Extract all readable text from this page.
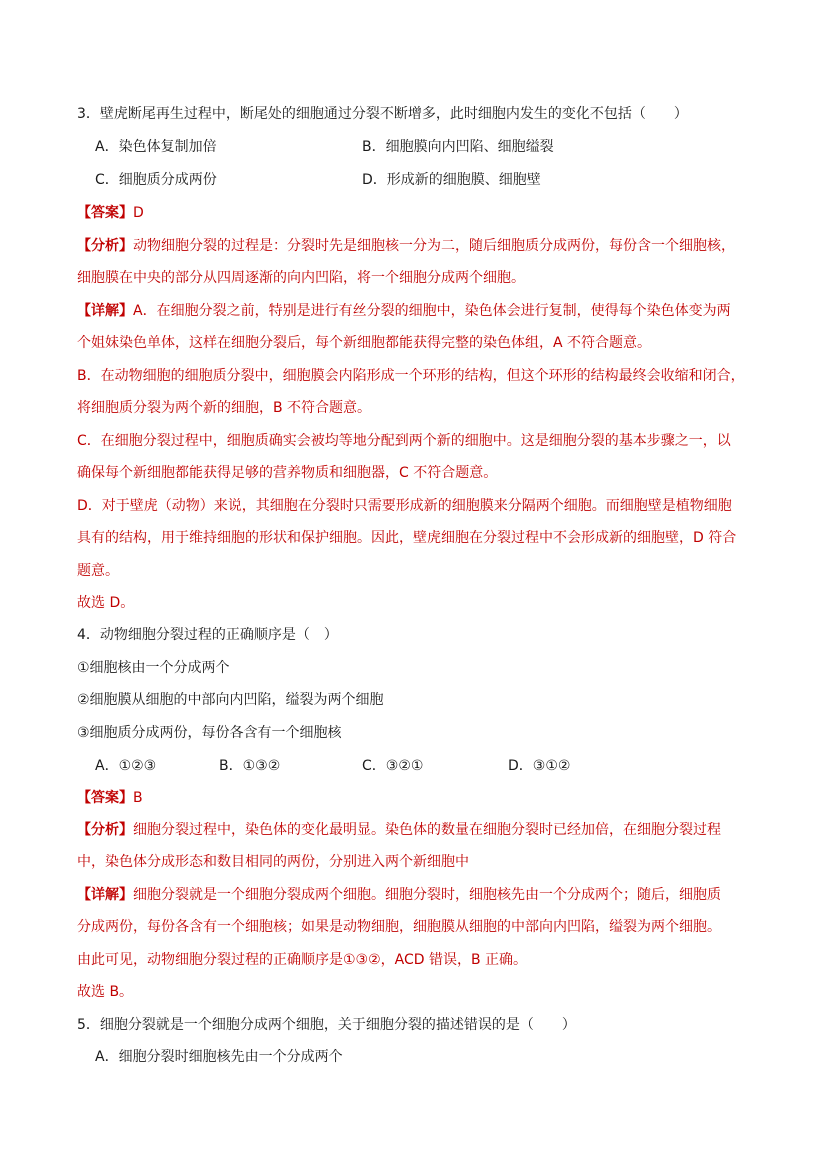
3．壁虎断尾再生过程中，断尾处的细胞通过分裂不断增多，此时细胞内发生的变化不包括（　　）
A．染色体复制加倍	B．细胞膜向内凹陷、细胞缢裂
C．细胞质分成两份	D．形成新的细胞膜、细胞壁
【答案】D
【分析】动物细胞分裂的过程是：分裂时先是细胞核一分为二，随后细胞质分成两份，每份含一个细胞核，
细胞膜在中央的部分从四周逐渐的向内凹陷，将一个细胞分成两个细胞。
【详解】A．在细胞分裂之前，特别是进行有丝分裂的细胞中，染色体会进行复制，使得每个染色体变为两
个姐妹染色单体，这样在细胞分裂后，每个新细胞都能获得完整的染色体组，A 不符合题意。
B．在动物细胞的细胞质分裂中，细胞膜会内陷形成一个环形的结构，但这个环形的结构最终会收缩和闭合，
将细胞质分裂为两个新的细胞，B 不符合题意。
C．在细胞分裂过程中，细胞质确实会被均等地分配到两个新的细胞中。这是细胞分裂的基本步骤之一，以
确保每个新细胞都能获得足够的营养物质和细胞器，C 不符合题意。
D．对于壁虎（动物）来说，其细胞在分裂时只需要形成新的细胞膜来分隔两个细胞。而细胞壁是植物细胞
具有的结构，用于维持细胞的形状和保护细胞。因此，壁虎细胞在分裂过程中不会形成新的细胞壁，D 符合
题意。
故选 D。
4．动物细胞分裂过程的正确顺序是（　）
①细胞核由一个分成两个
②细胞膜从细胞的中部向内凹陷，缢裂为两个细胞
③细胞质分成两份，每份各含有一个细胞核
A．①②③	B．①③②	C．③②①	D．③①②
【答案】B
【分析】细胞分裂过程中，染色体的变化最明显。染色体的数量在细胞分裂时已经加倍，在细胞分裂过程
中，染色体分成形态和数目相同的两份，分别进入两个新细胞中
【详解】细胞分裂就是一个细胞分裂成两个细胞。细胞分裂时，细胞核先由一个分成两个；随后，细胞质
分成两份，每份各含有一个细胞核；如果是动物细胞，细胞膜从细胞的中部向内凹陷，缢裂为两个细胞。
由此可见，动物细胞分裂过程的正确顺序是①③②，ACD 错误，B 正确。
故选 B。
5．细胞分裂就是一个细胞分成两个细胞，关于细胞分裂的描述错误的是（　　）
A．细胞分裂时细胞核先由一个分成两个
